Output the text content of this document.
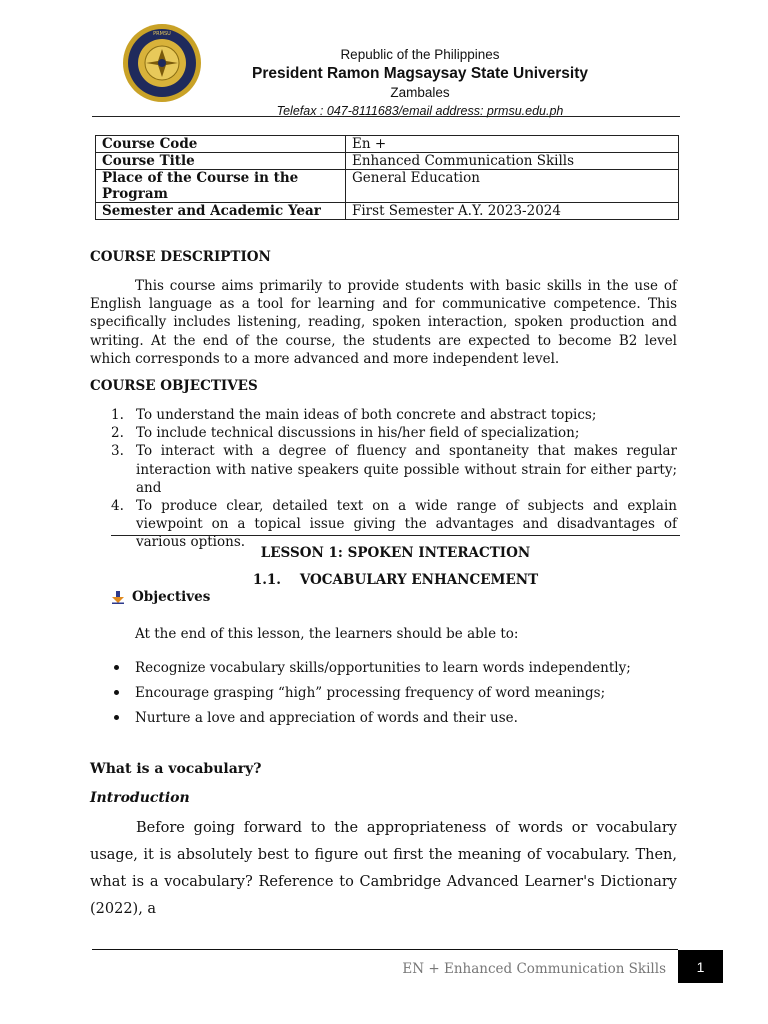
PRMSU
Republic of the Philippines
President Ramon Magsaysay State University
Zambales
Telefax : 047-8111683/email address: prmsu.edu.ph
Course Code	En +
Course Title	Enhanced Communication Skills
Place of the Course in the Program	General Education
Semester and Academic Year	First Semester A.Y. 2023-2024
COURSE DESCRIPTION
This course aims primarily to provide students with basic skills in the use of English language as a tool for learning and for communicative competence. This specifically includes listening, reading, spoken interaction, spoken production and writing. At the end of the course, the students are expected to become B2 level which corresponds to a more advanced and more independent level.
COURSE OBJECTIVES
1. To understand the main ideas of both concrete and abstract topics;
2. To include technical discussions in his/her field of specialization;
3. To interact with a degree of fluency and spontaneity that makes regular interaction with native speakers quite possible without strain for either party; and
4. To produce clear, detailed text on a wide range of subjects and explain viewpoint on a topical issue giving the advantages and disadvantages of various options.
LESSON 1: SPOKEN INTERACTION
1.1. VOCABULARY ENHANCEMENT
Objectives
At the end of this lesson, the learners should be able to:
Recognize vocabulary skills/opportunities to learn words independently;
Encourage grasping “high” processing frequency of word meanings;
Nurture a love and appreciation of words and their use.
What is a vocabulary?
Introduction
Before going forward to the appropriateness of words or vocabulary usage, it is absolutely best to figure out first the meaning of vocabulary. Then, what is a vocabulary? Reference to Cambridge Advanced Learner's Dictionary (2022), a
EN + Enhanced Communication Skills	1
